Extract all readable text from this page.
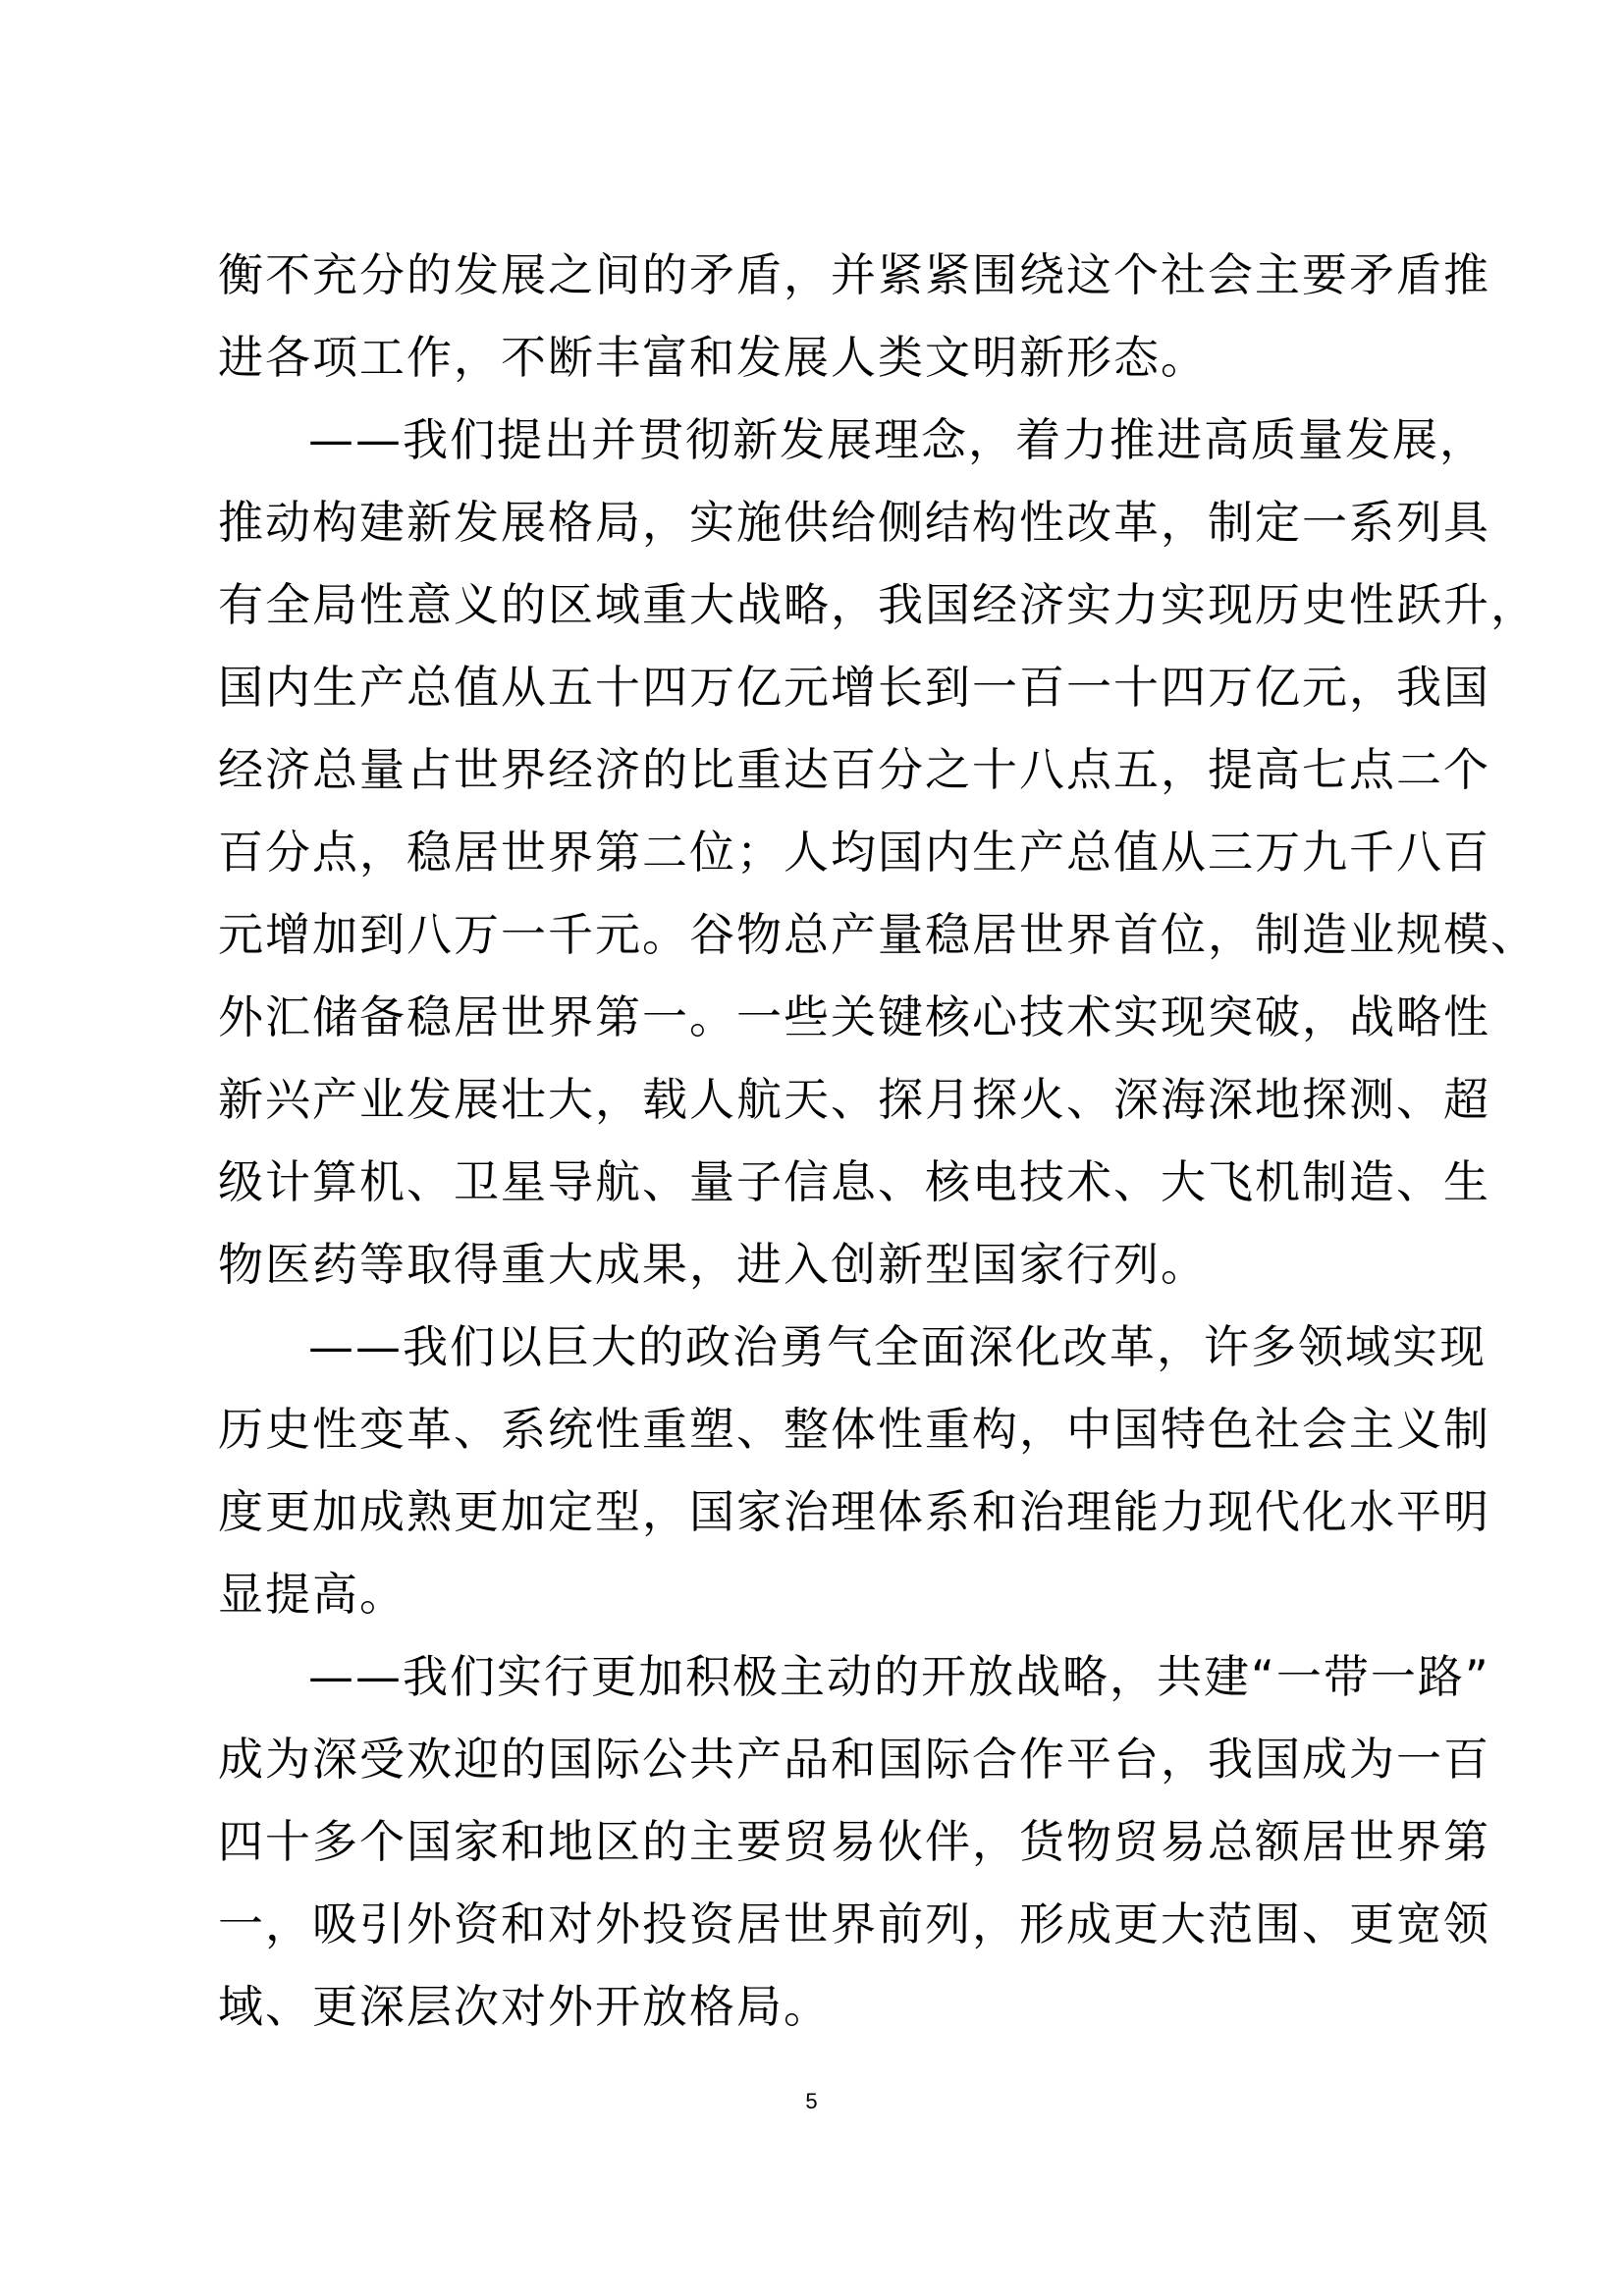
衡不充分的发展之间的矛盾，并紧紧围绕这个社会主要矛盾推
进各项工作，不断丰富和发展人类文明新形态。
——我们提出并贯彻新发展理念，着力推进高质量发展，
推动构建新发展格局，实施供给侧结构性改革，制定一系列具
有全局性意义的区域重大战略，我国经济实力实现历史性跃升，
国内生产总值从五十四万亿元增长到一百一十四万亿元，我国
经济总量占世界经济的比重达百分之十八点五，提高七点二个
百分点，稳居世界第二位；人均国内生产总值从三万九千八百
元增加到八万一千元。谷物总产量稳居世界首位，制造业规模、
外汇储备稳居世界第一。一些关键核心技术实现突破，战略性
新兴产业发展壮大，载人航天、探月探火、深海深地探测、超
级计算机、卫星导航、量子信息、核电技术、大飞机制造、生
物医药等取得重大成果，进入创新型国家行列。
——我们以巨大的政治勇气全面深化改革，许多领域实现
历史性变革、系统性重塑、整体性重构，中国特色社会主义制
度更加成熟更加定型，国家治理体系和治理能力现代化水平明
显提高。
——我们实行更加积极主动的开放战略，共建“一带一路”
成为深受欢迎的国际公共产品和国际合作平台，我国成为一百
四十多个国家和地区的主要贸易伙伴，货物贸易总额居世界第
一，吸引外资和对外投资居世界前列，形成更大范围、更宽领
域、更深层次对外开放格局。
5
